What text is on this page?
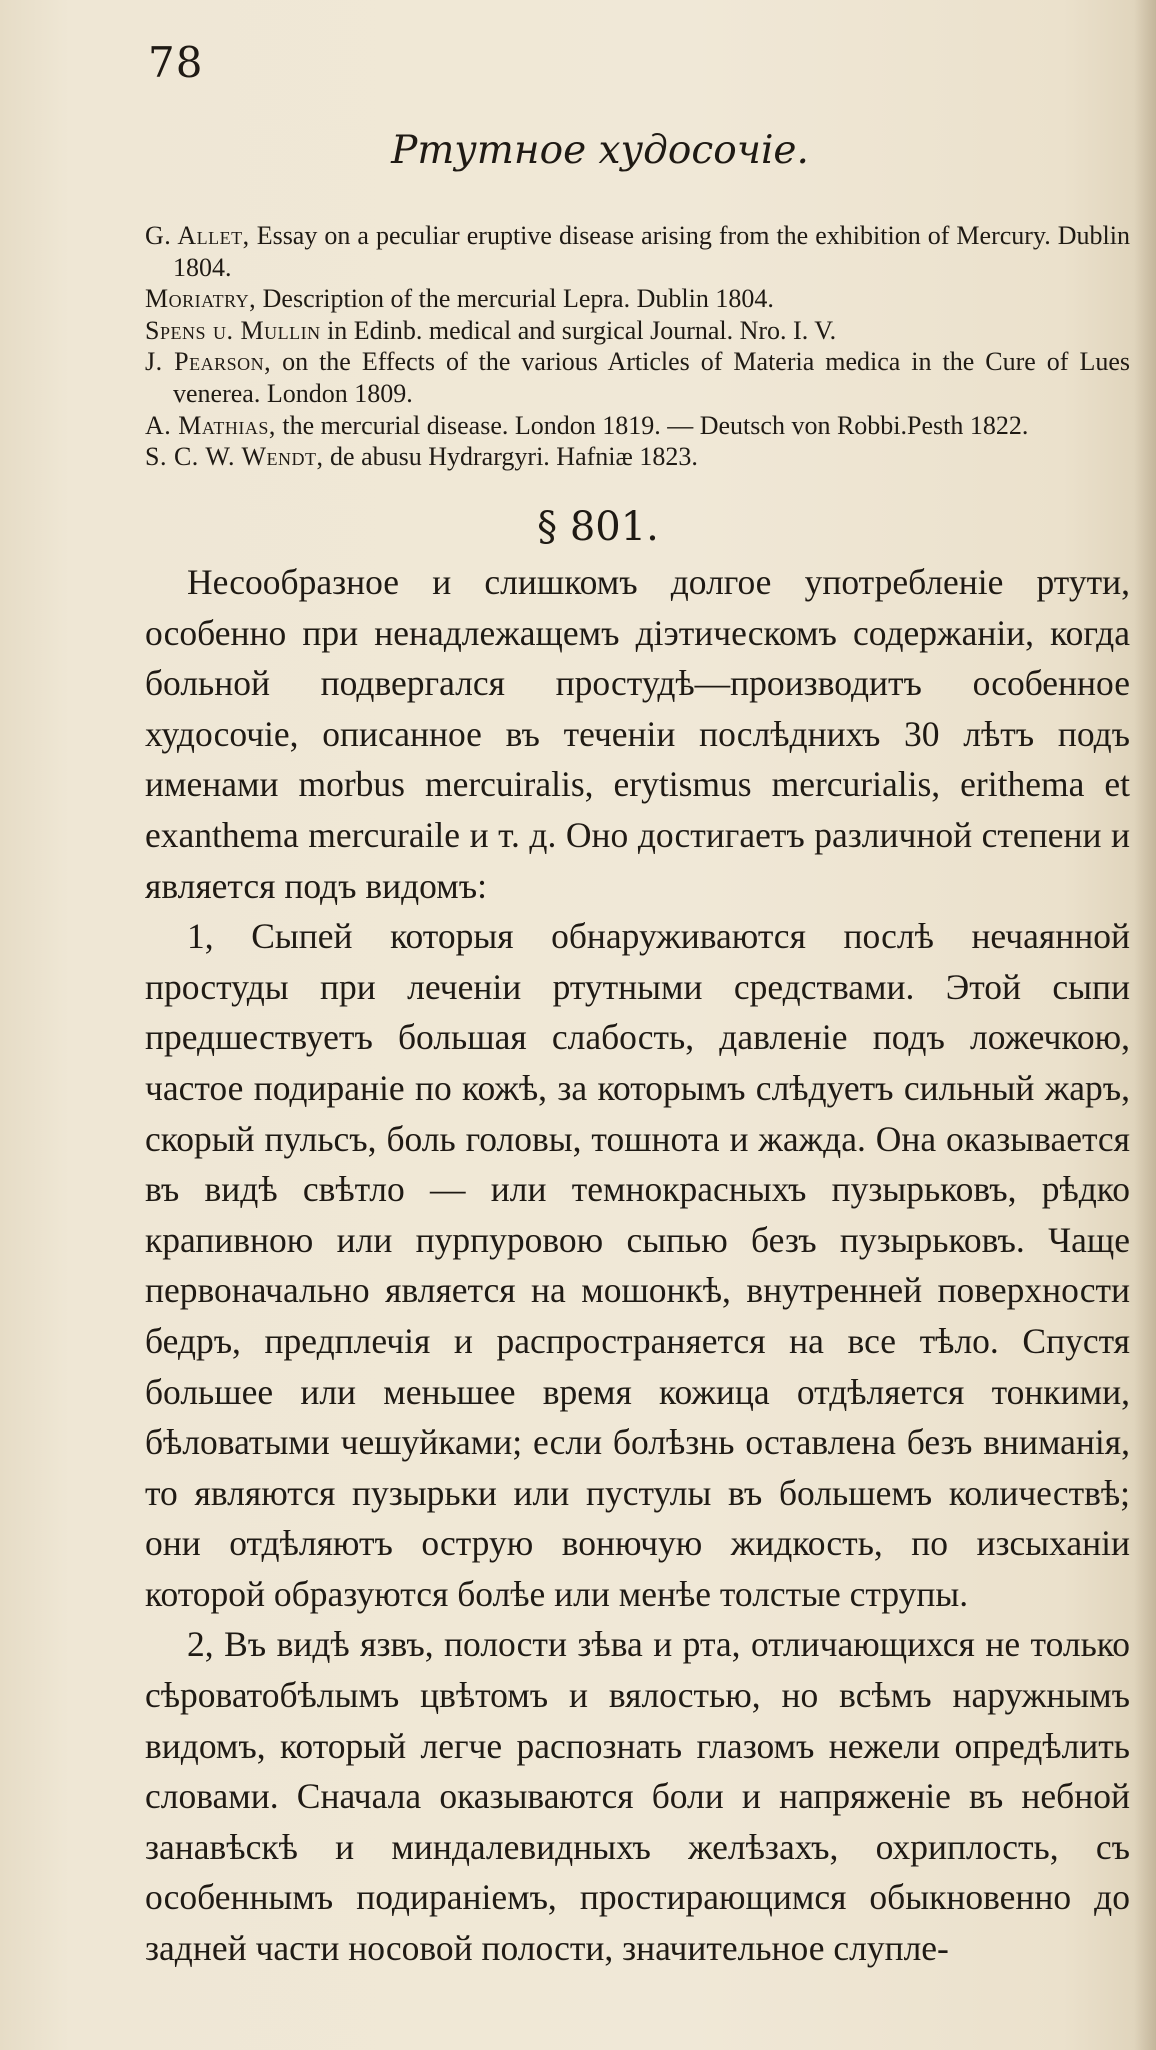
78
Ртутное худосочіе.
G. Allet, Essay on a peculiar eruptive disease arising from the exhibition of Mercury. Dublin 1804.
Moriatry, Description of the mercurial Lepra. Dublin 1804.
Spens u. Mullin in Edinb. medical and surgical Journal. Nro. I. V.
J. Pearson, on the Effects of the various Articles of Materia medica in the Cure of Lues venerea. London 1809.
A. Mathias, the mercurial disease. London 1819. — Deutsch von Robbi.Pesth 1822.
S. C. W. Wendt, de abusu Hydrargyri. Hafniæ 1823.
§ 801.

Несообразное и слишкомъ долгое употребленіе ртути, особенно при ненадлежащемъ діэтическомъ содержаніи, когда больной подвергался простудѣ—производитъ особенное худосочіе, описанное въ теченіи послѣднихъ 30 лѣтъ подъ именами morbus mercuiralis, erytismus mercurialis, erithema et exanthema mercuraile и т. д. Оно достигаетъ различной степени и является подъ видомъ:

1, Сыпей которыя обнаруживаются послѣ нечаянной простуды при леченіи ртутными средствами. Этой сыпи предшествуетъ большая слабость, давленіе подъ ложечкою, частое подираніе по кожѣ, за которымъ слѣдуетъ сильный жаръ, скорый пульсъ, боль головы, тошнота и жажда. Она оказывается въ видѣ свѣтло — или темнокрасныхъ пузырьковъ, рѣдко крапивною или пурпуровою сыпью безъ пузырьковъ. Чаще первоначально является на мошонкѣ, внутренней поверхности бедръ, предплечія и распространяется на все тѣло. Спустя большее или меньшее время кожица отдѣляется тонкими, бѣловатыми чешуйками; если болѣзнь оставлена безъ вниманія, то являются пузырьки или пустулы въ большемъ количествѣ; они отдѣляютъ острую вонючую жидкость, по изсыханіи которой образуются болѣе или менѣе толстые струпы.

2, Въ видѣ язвъ, полости зѣва и рта, отличающихся не только сѣроватобѣлымъ цвѣтомъ и вялостью, но всѣмъ наружнымъ видомъ, который легче распознать глазомъ нежели опредѣлить словами. Сначала оказываются боли и напряженіе въ небной занавѣскѣ и миндалевидныхъ желѣзахъ, охриплость, съ особеннымъ подираніемъ, простирающимся обыкновенно до задней части носовой полости, значительное слупле-
